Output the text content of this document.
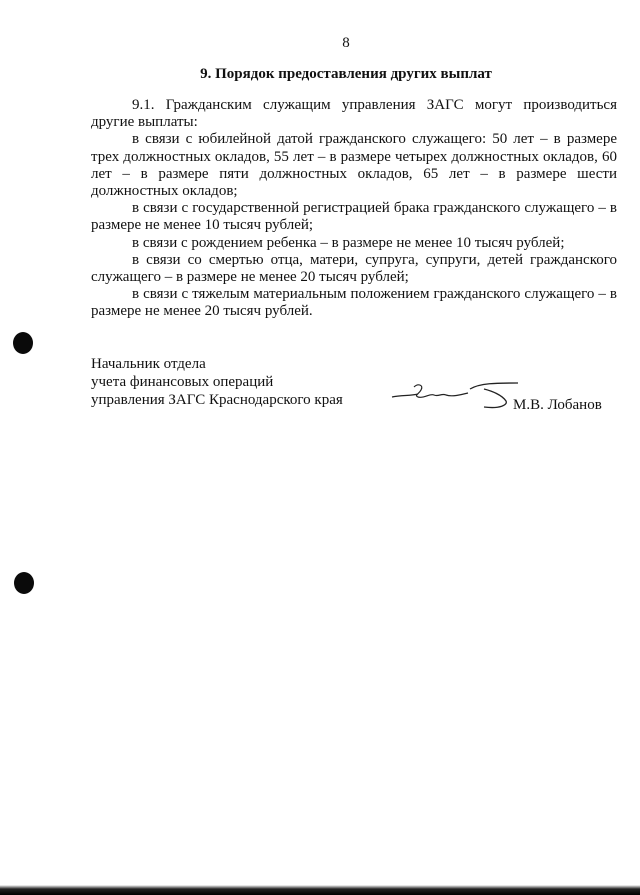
8
9. Порядок предоставления других выплат

9.1. Гражданским служащим управления ЗАГС могут производиться другие выплаты:

в связи с юбилейной датой гражданского служащего: 50 лет – в размере трех должностных окладов, 55 лет – в размере четырех должностных окладов, 60 лет – в размере пяти должностных окладов, 65 лет – в размере шести должностных окладов;

в связи с государственной регистрацией брака гражданского служащего – в размере не менее 10 тысяч рублей;

в связи с рождением ребенка – в размере не менее 10 тысяч рублей;

в связи со смертью отца, матери, супруга, супруги, детей гражданского служащего – в размере не менее 20 тысяч рублей;

в связи с тяжелым материальным положением гражданского служащего – в размере не менее 20 тысяч рублей.

Начальник отдела
учета финансовых операций
управления ЗАГС Краснодарского края	М.В. Лобанов
